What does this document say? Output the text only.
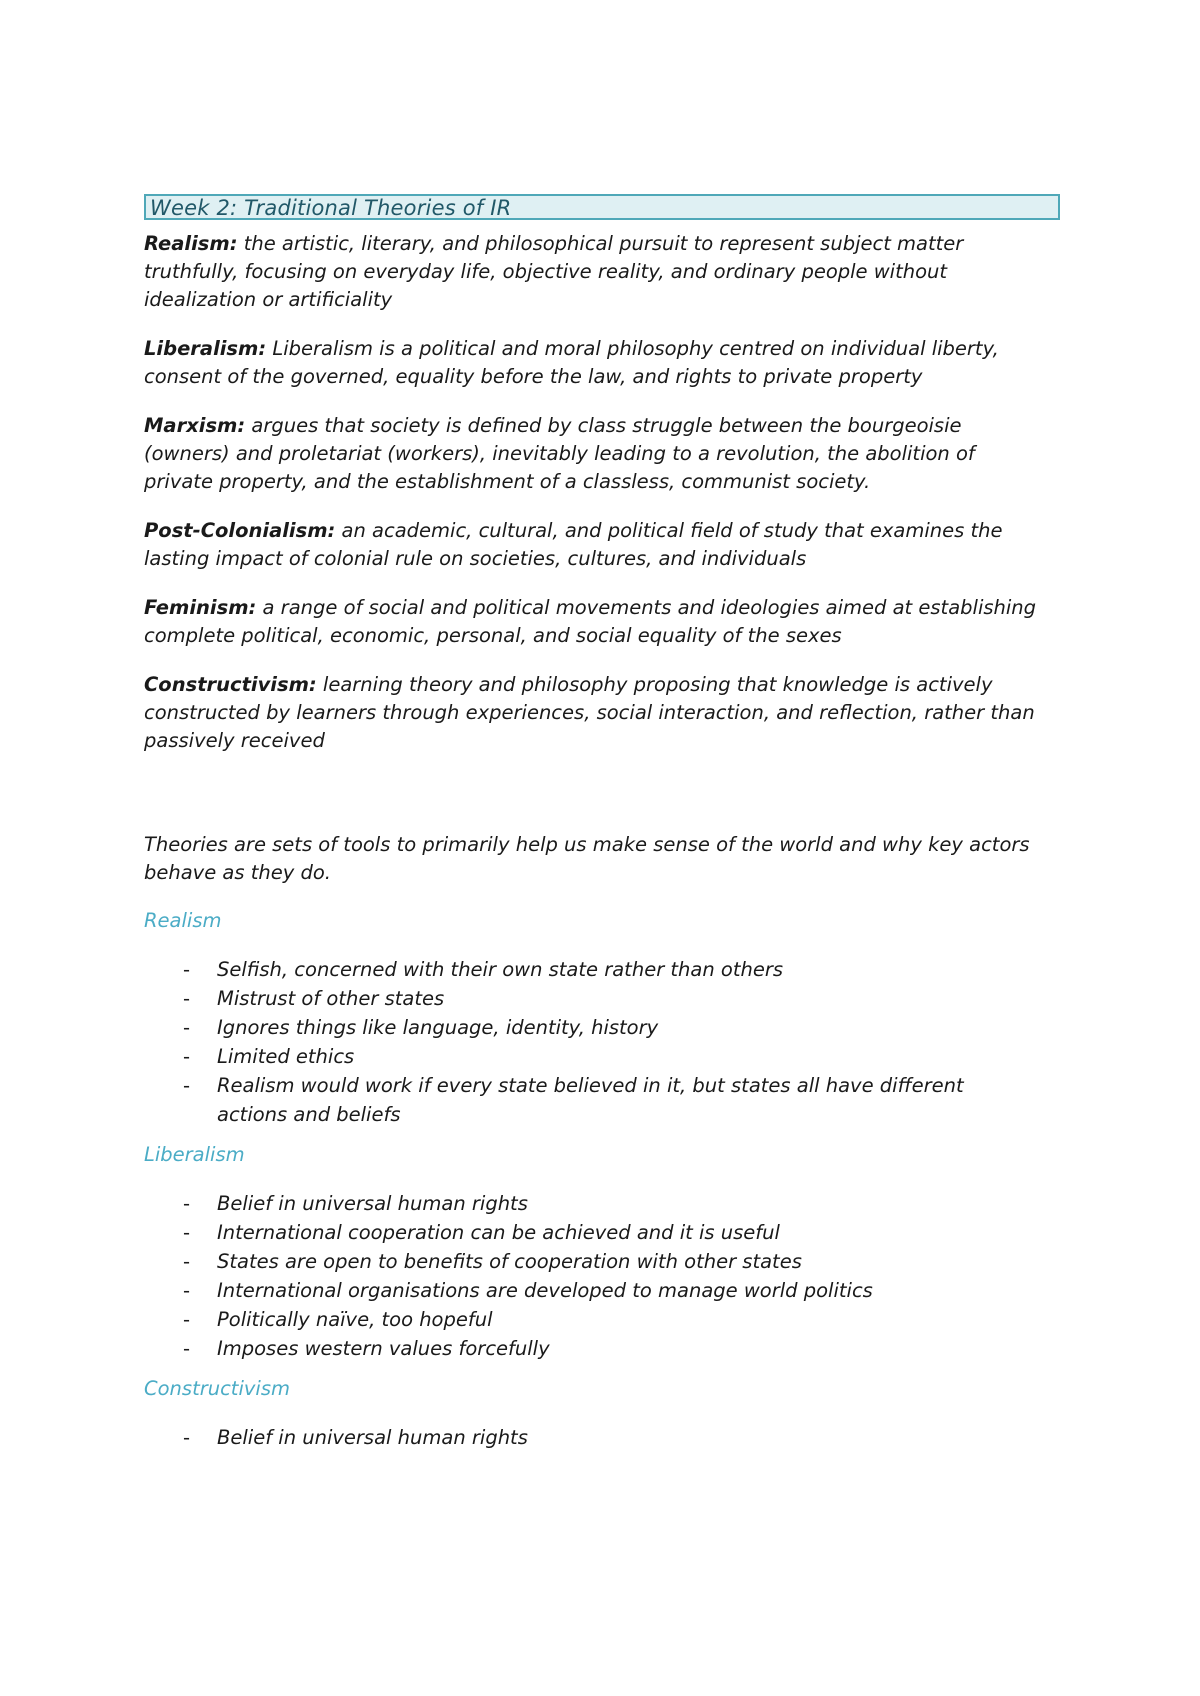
Week 2: Traditional Theories of IR

Realism: the artistic, literary, and philosophical pursuit to represent subject matter truthfully, focusing on everyday life, objective reality, and ordinary people without idealization or artificiality

Liberalism: Liberalism is a political and moral philosophy centred on individual liberty, consent of the governed, equality before the law, and rights to private property

Marxism: argues that society is defined by class struggle between the bourgeoisie (owners) and proletariat (workers), inevitably leading to a revolution, the abolition of private property, and the establishment of a classless, communist society.

Post-Colonialism: an academic, cultural, and political field of study that examines the lasting impact of colonial rule on societies, cultures, and individuals

Feminism: a range of social and political movements and ideologies aimed at establishing complete political, economic, personal, and social equality of the sexes

Constructivism: learning theory and philosophy proposing that knowledge is actively constructed by learners through experiences, social interaction, and reflection, rather than passively received

Theories are sets of tools to primarily help us make sense of the world and why key actors behave as they do.

Realism

- Selfish, concerned with their own state rather than others
- Mistrust of other states
- Ignores things like language, identity, history
- Limited ethics
- Realism would work if every state believed in it, but states all have different actions and beliefs

Liberalism

- Belief in universal human rights
- International cooperation can be achieved and it is useful
- States are open to benefits of cooperation with other states
- International organisations are developed to manage world politics
- Politically naïve, too hopeful
- Imposes western values forcefully

Constructivism

- Belief in universal human rights
